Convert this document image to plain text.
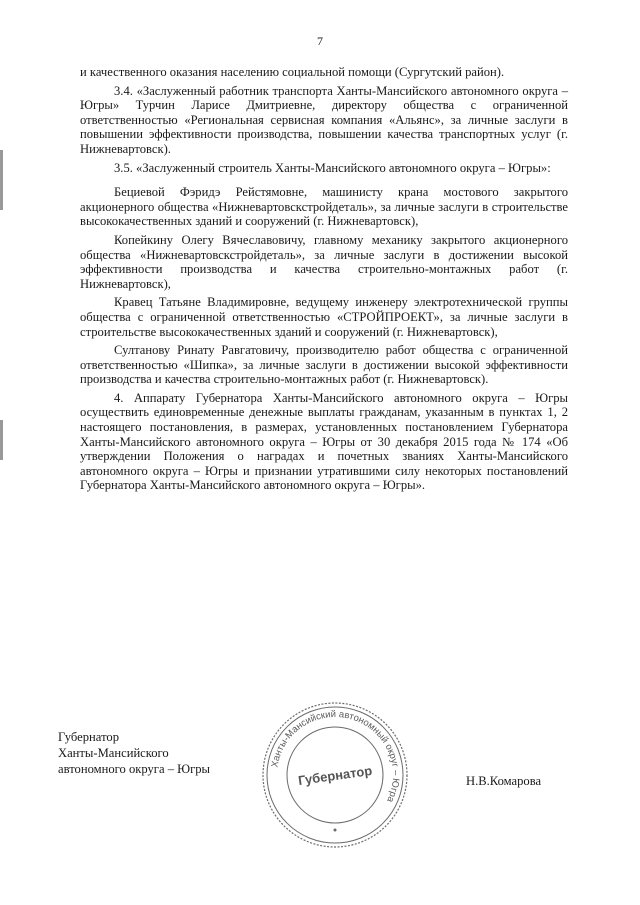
7

и качественного оказания населению социальной помощи (Сургутский район).

3.4. «Заслуженный работник транспорта Ханты-Мансийского автономного округа – Югры» Турчин Ларисе Дмитриевне, директору общества с ограниченной ответственностью «Региональная сервисная компания «Альянс», за личные заслуги в повышении эффективности производства, повышении качества транспортных услуг (г. Нижневартовск).

3.5. «Заслуженный строитель Ханты-Мансийского автономного округа – Югры»:

Бециевой Фэридэ Рейстямовне, машинисту крана мостового закрытого акционерного общества «Нижневартовскстройдеталь», за личные заслуги в строительстве высококачественных зданий и сооружений (г. Нижневартовск),

Копейкину Олегу Вячеславовичу, главному механику закрытого акционерного общества «Нижневартовскстройдеталь», за личные заслуги в достижении высокой эффективности производства и качества строительно-монтажных работ (г. Нижневартовск),

Кравец Татьяне Владимировне, ведущему инженеру электротехнической группы общества с ограниченной ответственностью «СТРОЙПРОЕКТ», за личные заслуги в строительстве высококачественных зданий и сооружений (г. Нижневартовск),

Султанову Ринату Равгатовичу, производителю работ общества с ограниченной ответственностью «Шипка», за личные заслуги в достижении высокой эффективности производства и качества строительно-монтажных работ (г. Нижневартовск).

4. Аппарату Губернатора Ханты-Мансийского автономного округа – Югры осуществить единовременные денежные выплаты гражданам, указанным в пунктах 1, 2 настоящего постановления, в размерах, установленных постановлением Губернатора Ханты-Мансийского автономного округа – Югры от 30 декабря 2015 года № 174 «Об утверждении Положения о наградах и почетных званиях Ханты-Мансийского автономного округа – Югры и признании утратившими силу некоторых постановлений Губернатора Ханты-Мансийского автономного округа – Югры».

Губернатор
Ханты-Мансийского
автономного округа – Югры	Ханты-Мансийский автономный округ – Югра
Губернатор	Н.В.Комарова
